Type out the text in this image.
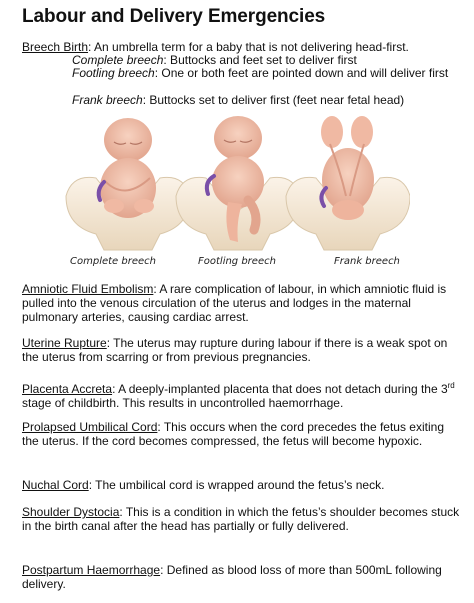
Labour and Delivery Emergencies
Breech Birth: An umbrella term for a baby that is not delivering head-first.
Complete breech: Buttocks and feet set to deliver first
Footling breech: One or both feet are pointed down and will deliver first
Frank breech: Buttocks set to deliver first (feet near fetal head)
Complete breech	Footling breech	Frank breech
Amniotic Fluid Embolism: A rare complication of labour, in which amniotic fluid is pulled into the venous circulation of the uterus and lodges in the maternal pulmonary arteries, causing cardiac arrest.
Uterine Rupture: The uterus may rupture during labour if there is a weak spot on the uterus from scarring or from previous pregnancies.
Placenta Accreta: A deeply-implanted placenta that does not detach during the 3rd stage of childbirth. This results in uncontrolled haemorrhage.
Prolapsed Umbilical Cord: This occurs when the cord precedes the fetus exiting the uterus. If the cord becomes compressed, the fetus will become hypoxic.
Nuchal Cord: The umbilical cord is wrapped around the fetus’s neck.
Shoulder Dystocia: This is a condition in which the fetus’s shoulder becomes stuck in the birth canal after the head has partially or fully delivered.
Postpartum Haemorrhage: Defined as blood loss of more than 500mL following delivery.
